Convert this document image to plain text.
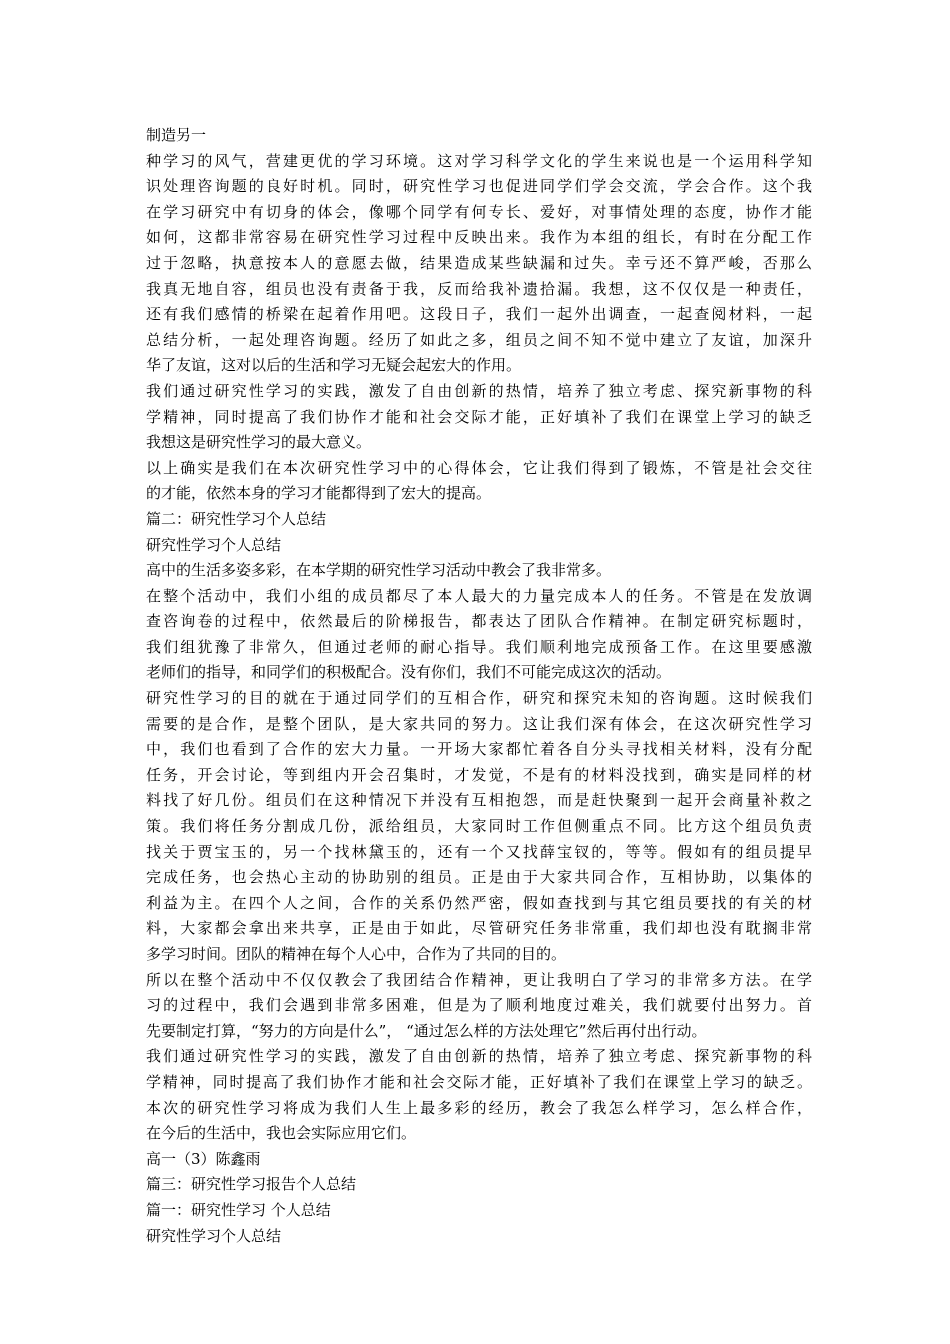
制造另一
种学习的风气，营建更优的学习环境。这对学习科学文化的学生来说也是一个运用科学知
识处理咨询题的良好时机。同时，研究性学习也促进同学们学会交流，学会合作。这个我
在学习研究中有切身的体会，像哪个同学有何专长、爱好，对事情处理的态度，协作才能
如何，这都非常容易在研究性学习过程中反映出来。我作为本组的组长，有时在分配工作
过于忽略，执意按本人的意愿去做，结果造成某些缺漏和过失。幸亏还不算严峻，否那么
我真无地自容，组员也没有责备于我，反而给我补遗拾漏。我想，这不仅仅是一种责任，
还有我们感情的桥梁在起着作用吧。这段日子，我们一起外出调查，一起查阅材料，一起
总结分析，一起处理咨询题。经历了如此之多，组员之间不知不觉中建立了友谊，加深升
华了友谊，这对以后的生活和学习无疑会起宏大的作用。
我们通过研究性学习的实践，激发了自由创新的热情，培养了独立考虑、探究新事物的科
学精神，同时提高了我们协作才能和社会交际才能，正好填补了我们在课堂上学习的缺乏
我想这是研究性学习的最大意义。
以上确实是我们在本次研究性学习中的心得体会，它让我们得到了锻炼，不管是社会交往
的才能，依然本身的学习才能都得到了宏大的提高。
篇二：研究性学习个人总结
研究性学习个人总结
高中的生活多姿多彩，在本学期的研究性学习活动中教会了我非常多。
在整个活动中，我们小组的成员都尽了本人最大的力量完成本人的任务。不管是在发放调
查咨询卷的过程中，依然最后的阶梯报告，都表达了团队合作精神。在制定研究标题时，
我们组犹豫了非常久，但通过老师的耐心指导。我们顺利地完成预备工作。在这里要感激
老师们的指导，和同学们的积极配合。没有你们，我们不可能完成这次的活动。
研究性学习的目的就在于通过同学们的互相合作，研究和探究未知的咨询题。这时候我们
需要的是合作，是整个团队，是大家共同的努力。这让我们深有体会，在这次研究性学习
中，我们也看到了合作的宏大力量。一开场大家都忙着各自分头寻找相关材料，没有分配
任务，开会讨论，等到组内开会召集时，才发觉，不是有的材料没找到，确实是同样的材
料找了好几份。组员们在这种情况下并没有互相抱怨，而是赶快聚到一起开会商量补救之
策。我们将任务分割成几份，派给组员，大家同时工作但侧重点不同。比方这个组员负责
找关于贾宝玉的，另一个找林黛玉的，还有一个又找薛宝钗的，等等。假如有的组员提早
完成任务，也会热心主动的协助别的组员。正是由于大家共同合作，互相协助，以集体的
利益为主。在四个人之间，合作的关系仍然严密，假如查找到与其它组员要找的有关的材
料，大家都会拿出来共享，正是由于如此，尽管研究任务非常重，我们却也没有耽搁非常
多学习时间。团队的精神在每个人心中，合作为了共同的目的。
所以在整个活动中不仅仅教会了我团结合作精神，更让我明白了学习的非常多方法。在学
习的过程中，我们会遇到非常多困难，但是为了顺利地度过难关，我们就要付出努力。首
先要制定打算，“努力的方向是什么”， “通过怎么样的方法处理它”然后再付出行动。
我们通过研究性学习的实践，激发了自由创新的热情，培养了独立考虑、探究新事物的科
学精神，同时提高了我们协作才能和社会交际才能，正好填补了我们在课堂上学习的缺乏。
本次的研究性学习将成为我们人生上最多彩的经历，教会了我怎么样学习，怎么样合作，
在今后的生活中，我也会实际应用它们。
高一（3）陈鑫雨
篇三：研究性学习报告个人总结
篇一：研究性学习 个人总结
研究性学习个人总结
